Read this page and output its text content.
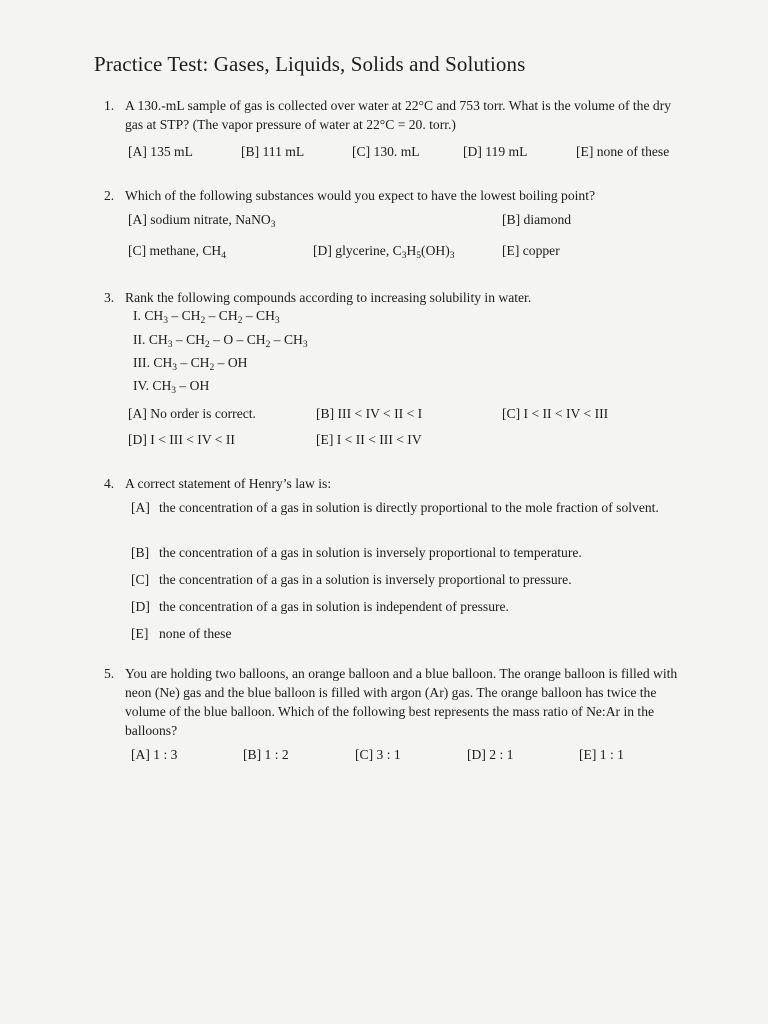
Practice Test: Gases, Liquids, Solids and Solutions
1. A 130.-mL sample of gas is collected over water at 22°C and 753 torr. What is the volume of the dry gas at STP? (The vapor pressure of water at 22°C = 20. torr.)
[A] 135 mL	[B] 111 mL	[C] 130. mL	[D] 119 mL	[E] none of these
2. Which of the following substances would you expect to have the lowest boiling point?
[A] sodium nitrate, NaNO$_3$	[B] diamond
[C] methane, $CH_4$	[D] glycerine, $C_3H_5(OH)_3$	[E] copper
3. Rank the following compounds according to increasing solubility in water.
I. $CH_3 - CH_2 - CH_2 - CH_3$
II. $CH_3 - CH_2$ – O – $CH_2 - CH_3$
III. $CH_3 - CH_2$ – OH
IV. $CH_3$ – OH
[A] No order is correct.	[B] III < IV < II < I	[C] I < II < IV < III
[D] I < III < IV < II	[E] I < II < III < IV
4. A correct statement of Henry’s law is:
[A] the concentration of a gas in solution is directly proportional to the mole fraction of solvent.
[B] the concentration of a gas in solution is inversely proportional to temperature.
[C] the concentration of a gas in a solution is inversely proportional to pressure.
[D] the concentration of a gas in solution is independent of pressure.
[E] none of these
5. You are holding two balloons, an orange balloon and a blue balloon. The orange balloon is filled with neon (Ne) gas and the blue balloon is filled with argon (Ar) gas. The orange balloon has twice the volume of the blue balloon. Which of the following best represents the mass ratio of Ne:Ar in the balloons?
[A] 1 : 3	[B] 1 : 2	[C] 3 : 1	[D] 2 : 1	[E] 1 : 1
